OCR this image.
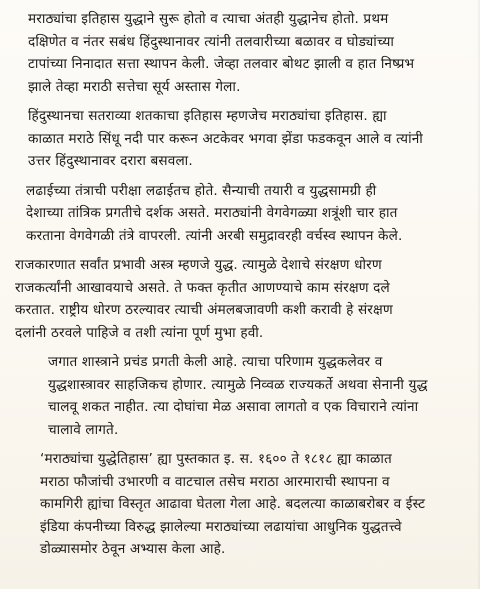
मराठ्यांचा इतिहास युद्धाने सुरू होतो व त्याचा अंतही युद्धानेच होतो. प्रथम
दक्षिणेत व नंतर सबंध हिंदुस्थानावर त्यांनी तलवारीच्या बळावर व घोड्यांच्या
टापांच्या निनादात सत्ता स्थापन केली. जेव्हा तलवार बोथट झाली व हात निष्प्रभ
झाले तेव्हा मराठी सत्तेचा सूर्य अस्तास गेला.

हिंदुस्थानचा सतराव्या शतकाचा इतिहास म्हणजेच मराठ्यांचा इतिहास. ह्या
काळात मराठे सिंधू नदी पार करून अटकेवर भगवा झेंडा फडकवून आले व त्यांनी
उत्तर हिंदुस्थानावर दरारा बसवला.

लढाईच्या तंत्राची परीक्षा लढाईतच होते. सैन्याची तयारी व युद्धसामग्री ही
देशाच्या तांत्रिक प्रगतीचे दर्शक असते. मराठ्यांनी वेगवेगळ्या शत्रूंशी चार हात
करताना वेगवेगळी तंत्रे वापरली. त्यांनी अरबी समुद्रावरही वर्चस्व स्थापन केले.

राजकारणात सर्वांत प्रभावी अस्त्र म्हणजे युद्ध. त्यामुळे देशाचे संरक्षण धोरण
राजकर्त्यांनी आखावयाचे असते. ते फक्त कृतीत आणण्याचे काम संरक्षण दले
करतात. राष्ट्रीय धोरण ठरल्यावर त्याची अंमलबजावणी कशी करावी हे संरक्षण
दलांनी ठरवले पाहिजे व तशी त्यांना पूर्ण मुभा हवी.

जगात शास्त्राने प्रचंड प्रगती केली आहे. त्याचा परिणाम युद्धकलेवर व
युद्धशास्त्रावर साहजिकच होणार. त्यामुळे निव्वळ राज्यकर्ते अथवा सेनानी युद्ध
चालवू शकत नाहीत. त्या दोघांचा मेळ असावा लागतो व एक विचाराने त्यांना
चालावे लागते.

‘मराठ्यांचा युद्धेतिहास’ ह्या पुस्तकात इ. स. १६०० ते १८१८ ह्या काळात
मराठा फौजांची उभारणी व वाटचाल तसेच मराठा आरमाराची स्थापना व
कामगिरी ह्यांचा विस्तृत आढावा घेतला गेला आहे. बदलत्या काळाबरोबर व ईस्ट
इंडिया कंपनीच्या विरुद्ध झालेल्या मराठ्यांच्या लढायांचा आधुनिक युद्धतत्त्वे
डोळ्यासमोर ठेवून अभ्यास केला आहे.
